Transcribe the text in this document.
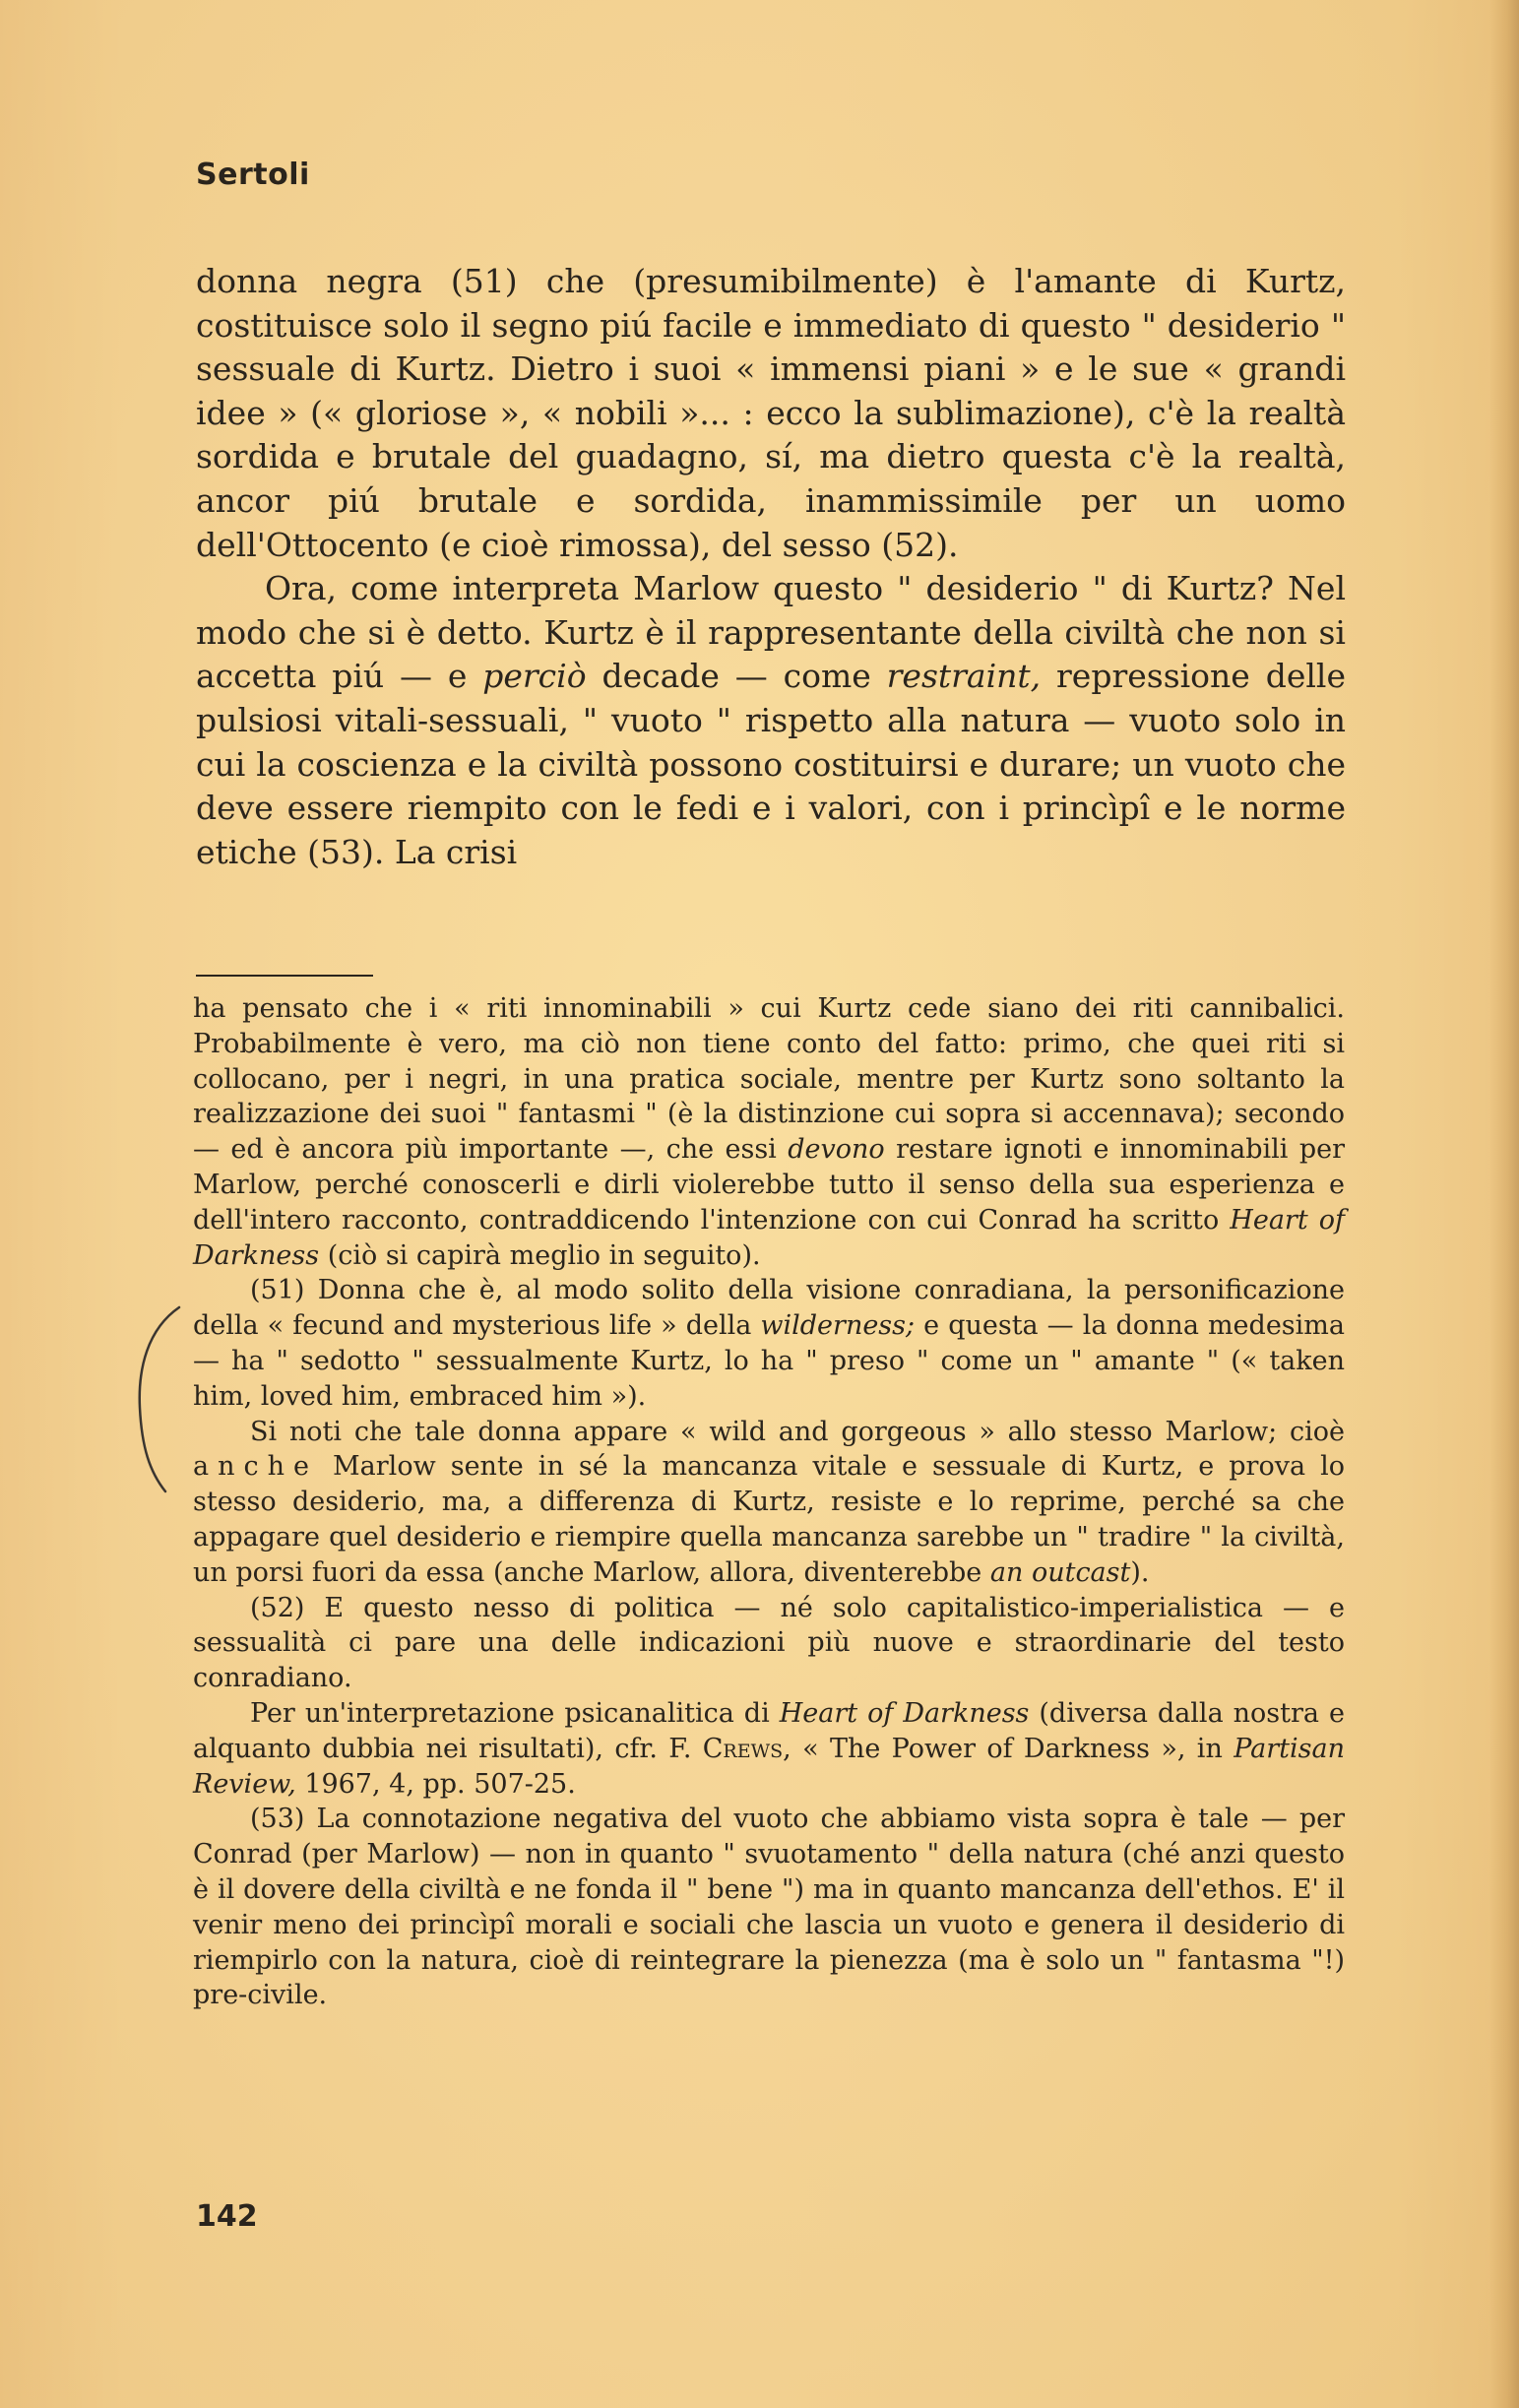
Sertoli

donna negra (51) che (presumibilmente) è l'amante di Kurtz, costituisce solo il segno piú facile e immediato di questo " desiderio " sessuale di Kurtz. Dietro i suoi « immensi piani » e le sue « grandi idee » (« gloriose », « nobili »... : ecco la sublimazione), c'è la realtà sordida e brutale del guadagno, sí, ma dietro questa c'è la realtà, ancor piú brutale e sordida, inammissimile per un uomo dell'Ottocento (e cioè rimossa), del sesso (52).

Ora, come interpreta Marlow questo " desiderio " di Kurtz? Nel modo che si è detto. Kurtz è il rappresentante della civiltà che non si accetta piú — e perciò decade — come restraint, repressione delle pulsiosi vitali-sessuali, " vuoto " rispetto alla natura — vuoto solo in cui la coscienza e la civiltà possono costituirsi e durare; un vuoto che deve essere riempito con le fedi e i valori, con i princìpî e le norme etiche (53). La crisi

ha pensato che i « riti innominabili » cui Kurtz cede siano dei riti cannibalici. Probabilmente è vero, ma ciò non tiene conto del fatto: primo, che quei riti si collocano, per i negri, in una pratica sociale, mentre per Kurtz sono soltanto la realizzazione dei suoi " fantasmi " (è la distinzione cui sopra si accennava); secondo — ed è ancora più importante —, che essi devono restare ignoti e innominabili per Marlow, perché conoscerli e dirli violerebbe tutto il senso della sua esperienza e dell'intero racconto, contraddicendo l'intenzione con cui Conrad ha scritto Heart of Darkness (ciò si capirà meglio in seguito).

(51) Donna che è, al modo solito della visione conradiana, la personificazione della « fecund and mysterious life » della wilderness; e questa — la donna medesima — ha " sedotto " sessualmente Kurtz, lo ha " preso " come un " amante " (« taken him, loved him, embraced him »).

Si noti che tale donna appare « wild and gorgeous » allo stesso Marlow; cioè anche Marlow sente in sé la mancanza vitale e sessuale di Kurtz, e prova lo stesso desiderio, ma, a differenza di Kurtz, resiste e lo reprime, perché sa che appagare quel desiderio e riempire quella mancanza sarebbe un " tradire " la civiltà, un porsi fuori da essa (anche Marlow, allora, diventerebbe an outcast).

(52) E questo nesso di politica — né solo capitalistico-imperialistica — e sessualità ci pare una delle indicazioni più nuove e straordinarie del testo conradiano.

Per un'interpretazione psicanalitica di Heart of Darkness (diversa dalla nostra e alquanto dubbia nei risultati), cfr. F. Crews, « The Power of Darkness », in Partisan Review, 1967, 4, pp. 507-25.

(53) La connotazione negativa del vuoto che abbiamo vista sopra è tale — per Conrad (per Marlow) — non in quanto " svuotamento " della natura (ché anzi questo è il dovere della civiltà e ne fonda il " bene ") ma in quanto mancanza dell'ethos. E' il venir meno dei princìpî morali e sociali che lascia un vuoto e genera il desiderio di riempirlo con la natura, cioè di reintegrare la pienezza (ma è solo un " fantasma "!) pre-civile.

142
